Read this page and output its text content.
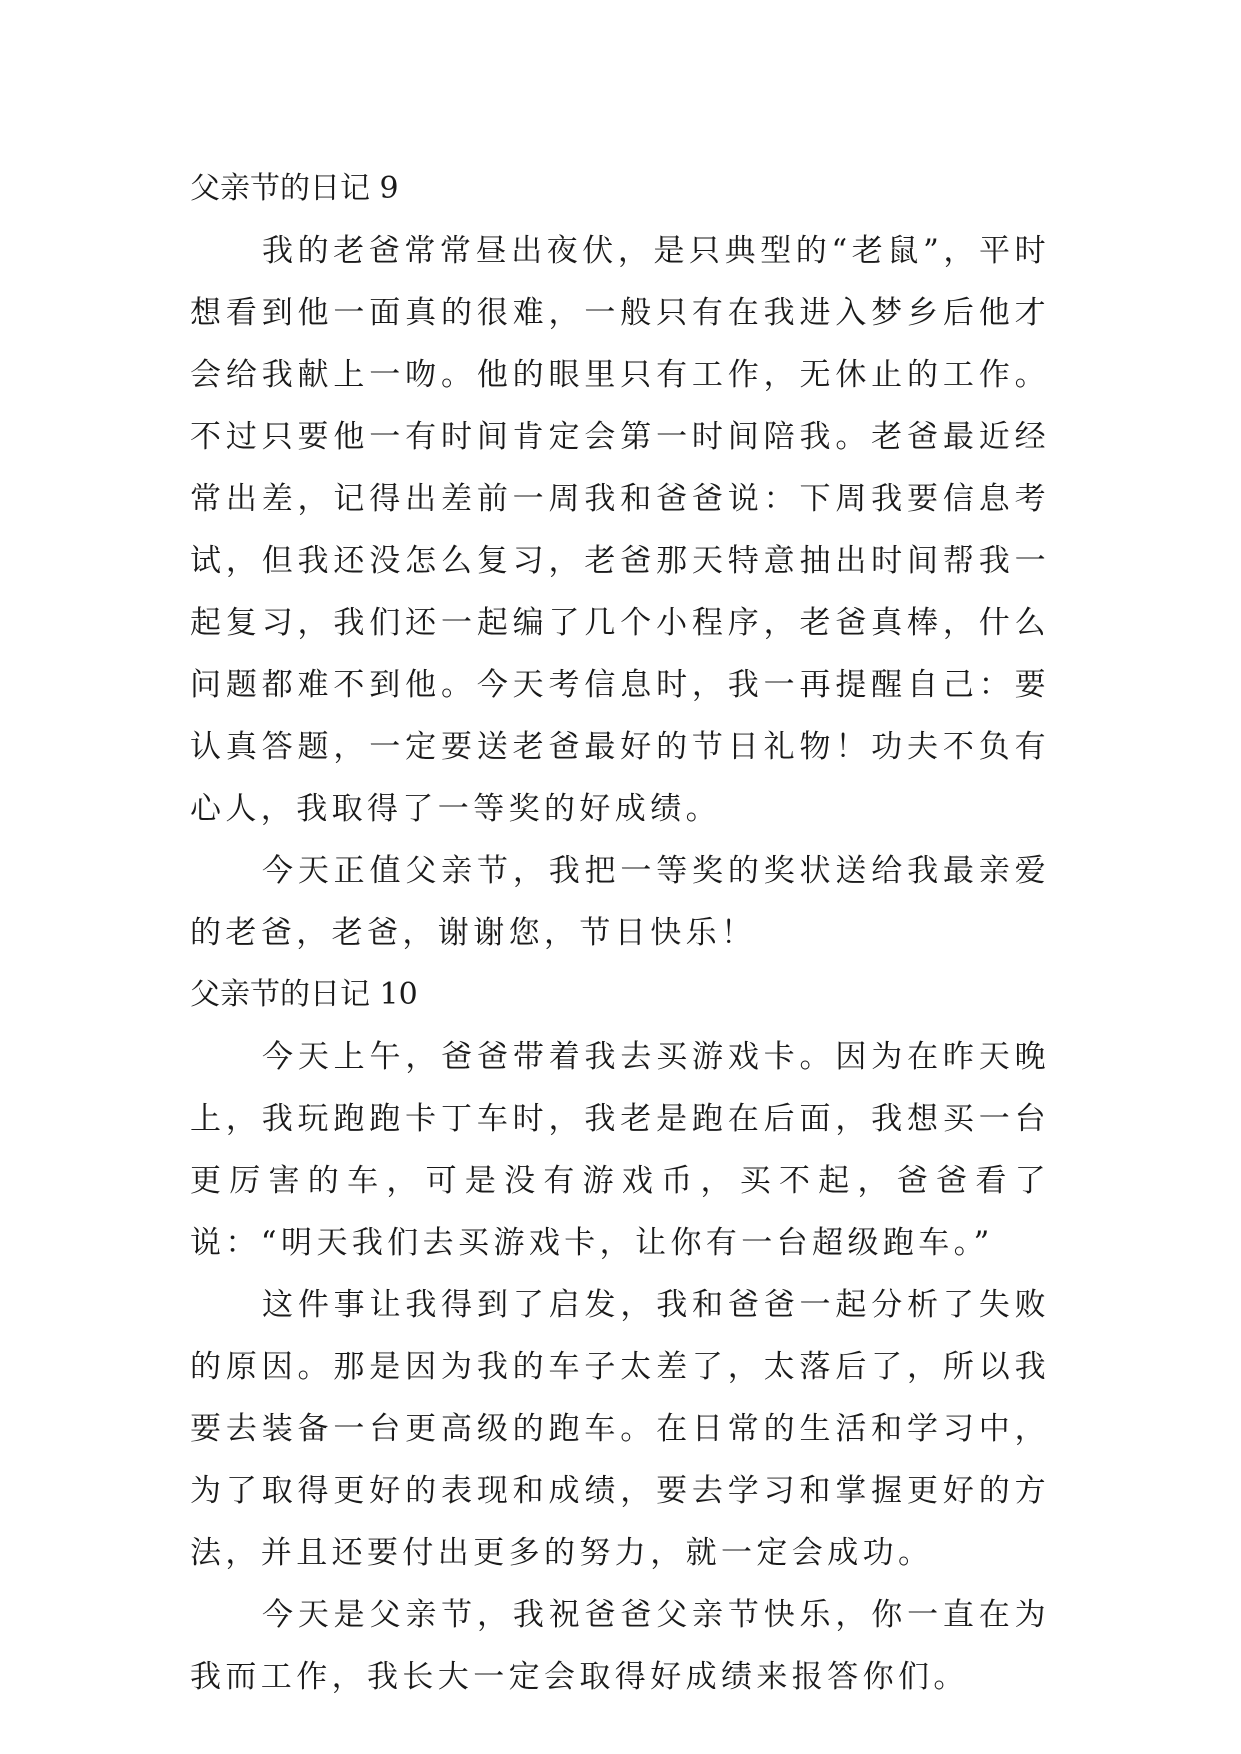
父亲节的日记 9

我的老爸常常昼出夜伏，是只典型的“老鼠”，平时想看到他一面真的很难，一般只有在我进入梦乡后他才会给我献上一吻。他的眼里只有工作，无休止的工作。不过只要他一有时间肯定会第一时间陪我。老爸最近经常出差，记得出差前一周我和爸爸说：下周我要信息考试，但我还没怎么复习，老爸那天特意抽出时间帮我一起复习，我们还一起编了几个小程序，老爸真棒，什么问题都难不到他。今天考信息时，我一再提醒自己：要认真答题，一定要送老爸最好的节日礼物！功夫不负有心人，我取得了一等奖的好成绩。

今天正值父亲节，我把一等奖的奖状送给我最亲爱的老爸，老爸，谢谢您，节日快乐！

父亲节的日记 10

今天上午，爸爸带着我去买游戏卡。因为在昨天晚上，我玩跑跑卡丁车时，我老是跑在后面，我想买一台更厉害的车，可是没有游戏币，买不起，爸爸看了说：“明天我们去买游戏卡，让你有一台超级跑车。”

这件事让我得到了启发，我和爸爸一起分析了失败的原因。那是因为我的车子太差了，太落后了，所以我要去装备一台更高级的跑车。在日常的生活和学习中，为了取得更好的表现和成绩，要去学习和掌握更好的方法，并且还要付出更多的努力，就一定会成功。

今天是父亲节，我祝爸爸父亲节快乐，你一直在为我而工作，我长大一定会取得好成绩来报答你们。
